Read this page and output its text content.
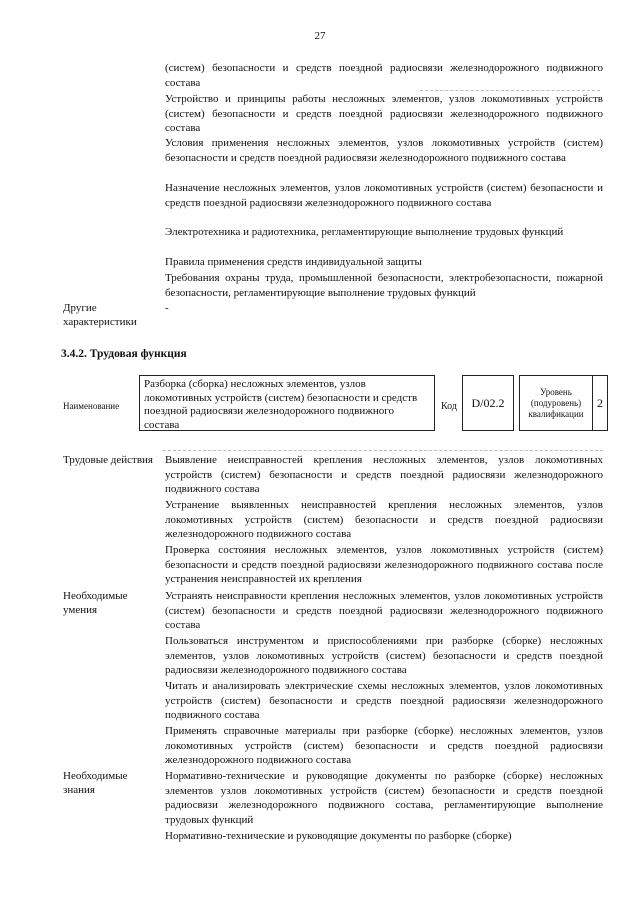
27
(систем) безопасности и средств поездной радиосвязи железнодорожного подвижного состава
Устройство и принципы работы несложных элементов, узлов локомотивных устройств (систем) безопасности и средств поездной радиосвязи железнодорожного подвижного состава
Условия применения несложных элементов, узлов локомотивных устройств (систем) безопасности и средств поездной радиосвязи железнодорожного подвижного состава
Назначение несложных элементов, узлов локомотивных устройств (систем) безопасности и средств поездной радиосвязи железнодорожного подвижного состава
Электротехника и радиотехника, регламентирующие выполнение трудовых функций
Правила применения средств индивидуальной защиты
Требования охраны труда, промышленной безопасности, электробезопасности, пожарной безопасности, регламентирующие выполнение трудовых функций
Другие характеристики
-
3.4.2. Трудовая функция
Наименование
Разборка (сборка) несложных элементов, узлов локомотивных устройств (систем) безопасности и средств поездной радиосвязи железнодорожного подвижного состава
Код	D/02.2
Уровень (подуровень) квалификации
2
Трудовые действия	Выявление неисправностей крепления несложных элементов, узлов локомотивных устройств (систем) безопасности и средств поездной радиосвязи железнодорожного подвижного состава
Устранение выявленных неисправностей крепления несложных элементов, узлов локомотивных устройств (систем) безопасности и средств поездной радиосвязи железнодорожного подвижного состава
Проверка состояния несложных элементов, узлов локомотивных устройств (систем) безопасности и средств поездной радиосвязи железнодорожного подвижного состава после устранения неисправностей их крепления
Необходимые умения
Устранять неисправности крепления несложных элементов, узлов локомотивных устройств (систем) безопасности и средств поездной радиосвязи железнодорожного подвижного состава
Пользоваться инструментом и приспособлениями при разборке (сборке) несложных элементов, узлов локомотивных устройств (систем) безопасности и средств поездной радиосвязи железнодорожного подвижного состава
Читать и анализировать электрические схемы несложных элементов, узлов локомотивных устройств (систем) безопасности и средств поездной радиосвязи железнодорожного подвижного состава
Применять справочные материалы при разборке (сборке) несложных элементов, узлов локомотивных устройств (систем) безопасности и средств поездной радиосвязи железнодорожного подвижного состава
Необходимые знания
Нормативно-технические и руководящие документы по разборке (сборке) несложных элементов узлов локомотивных устройств (систем) безопасности и средств поездной радиосвязи железнодорожного подвижного состава, регламентирующие выполнение трудовых функций
Нормативно-технические и руководящие документы по разборке (сборке)
